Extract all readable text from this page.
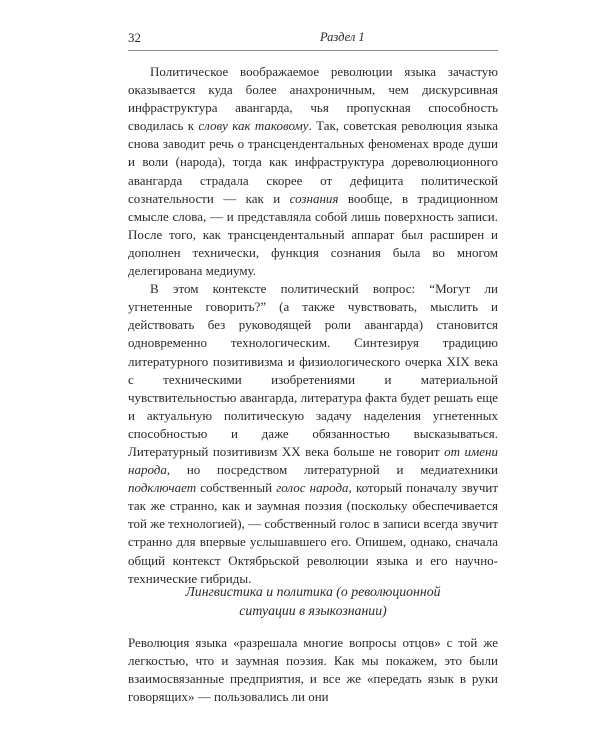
32	Раздел 1

Политическое воображаемое революции языка зачастую оказывается куда более анахроничным, чем дискурсивная инфраструктура авангарда, чья пропускная способность сводилась к слову как таковому. Так, советская революция языка снова заводит речь о трансцендентальных феноменах вроде души и воли (народа), тогда как инфраструктура дореволюционного авангарда страдала скорее от дефицита политической сознательности — как и сознания вообще, в традиционном смысле слова, — и представляла собой лишь поверхность записи. После того, как трансцендентальный аппарат был расширен и дополнен технически, функция сознания была во многом делегирована медиуму.

В этом контексте политический вопрос: “Могут ли угнетенные говорить?” (а также чувствовать, мыслить и действовать без руководящей роли авангарда) становится одновременно технологическим. Синтезируя традицию литературного позитивизма и физиологического очерка XIX века с техническими изобретениями и материальной чувствительностью авангарда, литература факта будет решать еще и актуальную политическую задачу наделения угнетенных способностью и даже обязанностью высказываться. Литературный позитивизм XX века больше не говорит от имени народа, но посредством литературной и медиатехники подключает собственный голос народа, который поначалу звучит так же странно, как и заумная поэзия (поскольку обеспечивается той же технологией), — собственный голос в записи всегда звучит странно для впервые услышавшего его. Опишем, однако, сначала общий контекст Октябрьской революции языка и его научно-технические гибриды.

Лингвистика и политика (о революционной
ситуации в языкознании)

Революция языка «разрешала многие вопросы отцов» с той же легкостью, что и заумная поэзия. Как мы покажем, это были взаимосвязанные предприятия, и все же «передать язык в руки говорящих» — пользовались ли они
